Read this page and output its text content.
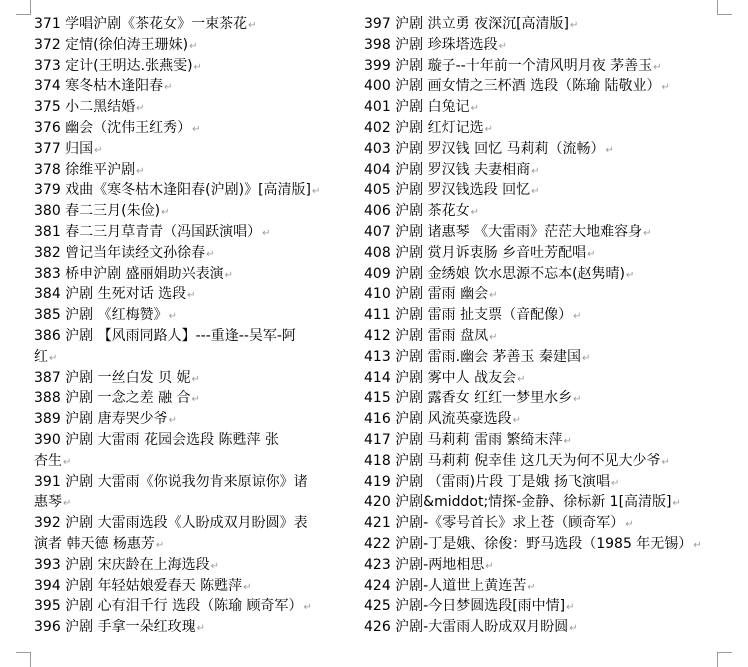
371 学唱沪剧《茶花女》一束茶花↵
372 定情(徐伯涛王珊妹)↵
373 定计(王明达.张燕雯)↵
374 寒冬枯木逢阳春↵
375 小二黑结婚↵
376 幽会（沈伟王红秀）↵
377 归国↵
378 徐维平沪剧↵
379 戏曲《寒冬枯木逢阳春(沪剧)》[高清版]↵
380 春二三月(朱俭)↵
381 春二三月草青青（冯国跃演唱）↵
382 曾记当年读经文孙徐春↵
383 桥申沪剧 盛丽娟助兴表演↵
384 沪剧 生死对话 选段↵
385 沪剧 《红梅赞》↵
386 沪剧 【风雨同路人】---重逢--吴军-阿
红↵
387 沪剧 一丝白发 贝 妮↵
388 沪剧 一念之差 融 合↵
389 沪剧 唐寿哭少爷↵
390 沪剧 大雷雨 花园会选段 陈甦萍 张
杏生↵
391 沪剧 大雷雨《你说我勿肯来原谅你》诸
惠琴↵
392 沪剧 大雷雨选段《人盼成双月盼圆》表
演者 韩天德 杨惠芳↵
393 沪剧 宋庆龄在上海选段↵
394 沪剧 年轻姑娘爱春天 陈甦萍↵
395 沪剧 心有泪千行 选段（陈瑜 顾奇军）↵
396 沪剧 手拿一朵红玫瑰↵
397 沪剧 洪立勇 夜深沉[高清版]↵
398 沪剧 珍珠塔选段↵
399 沪剧 璇子--十年前一个清风明月夜 茅善玉↵
400 沪剧 画女情之三杯酒 选段（陈瑜 陆敬业）↵
401 沪剧 白兔记↵
402 沪剧 红灯记选↵
403 沪剧 罗汉钱 回忆 马莉莉（流畅）↵
404 沪剧 罗汉钱 夫妻相商↵
405 沪剧 罗汉钱选段 回忆↵
406 沪剧 茶花女↵
407 沪剧 诸惠琴 《大雷雨》茫茫大地难容身↵
408 沪剧 赏月诉衷肠 乡音吐芳配唱↵
409 沪剧 金绣娘 饮水思源不忘本(赵隽晴)↵
410 沪剧 雷雨 幽会↵
411 沪剧 雷雨 扯支票（音配像）↵
412 沪剧 雷雨 盘凤↵
413 沪剧 雷雨.幽会 茅善玉 秦建国↵
414 沪剧 雾中人 战友会↵
415 沪剧 露香女 红红一梦里水乡↵
416 沪剧 风流英豪选段↵
417 沪剧 马莉莉 雷雨 繁绮末萍↵
418 沪剧 马莉莉 倪幸佳 这几天为何不见大少爷↵
419 沪剧 （雷雨)片段 丁是娥 扬飞演唱↵
420 沪剧&middot;情探-金静、徐标新 1[高清版]↵
421 沪剧-《零号首长》求上苍（顾奇军）↵
422 沪剧-丁是娥、徐俊：野马选段（1985 年无锡）↵
423 沪剧-两地相思↵
424 沪剧-人道世上黄连苦↵
425 沪剧-今日梦圆选段[雨中情]↵
426 沪剧-大雷雨人盼成双月盼圆↵
